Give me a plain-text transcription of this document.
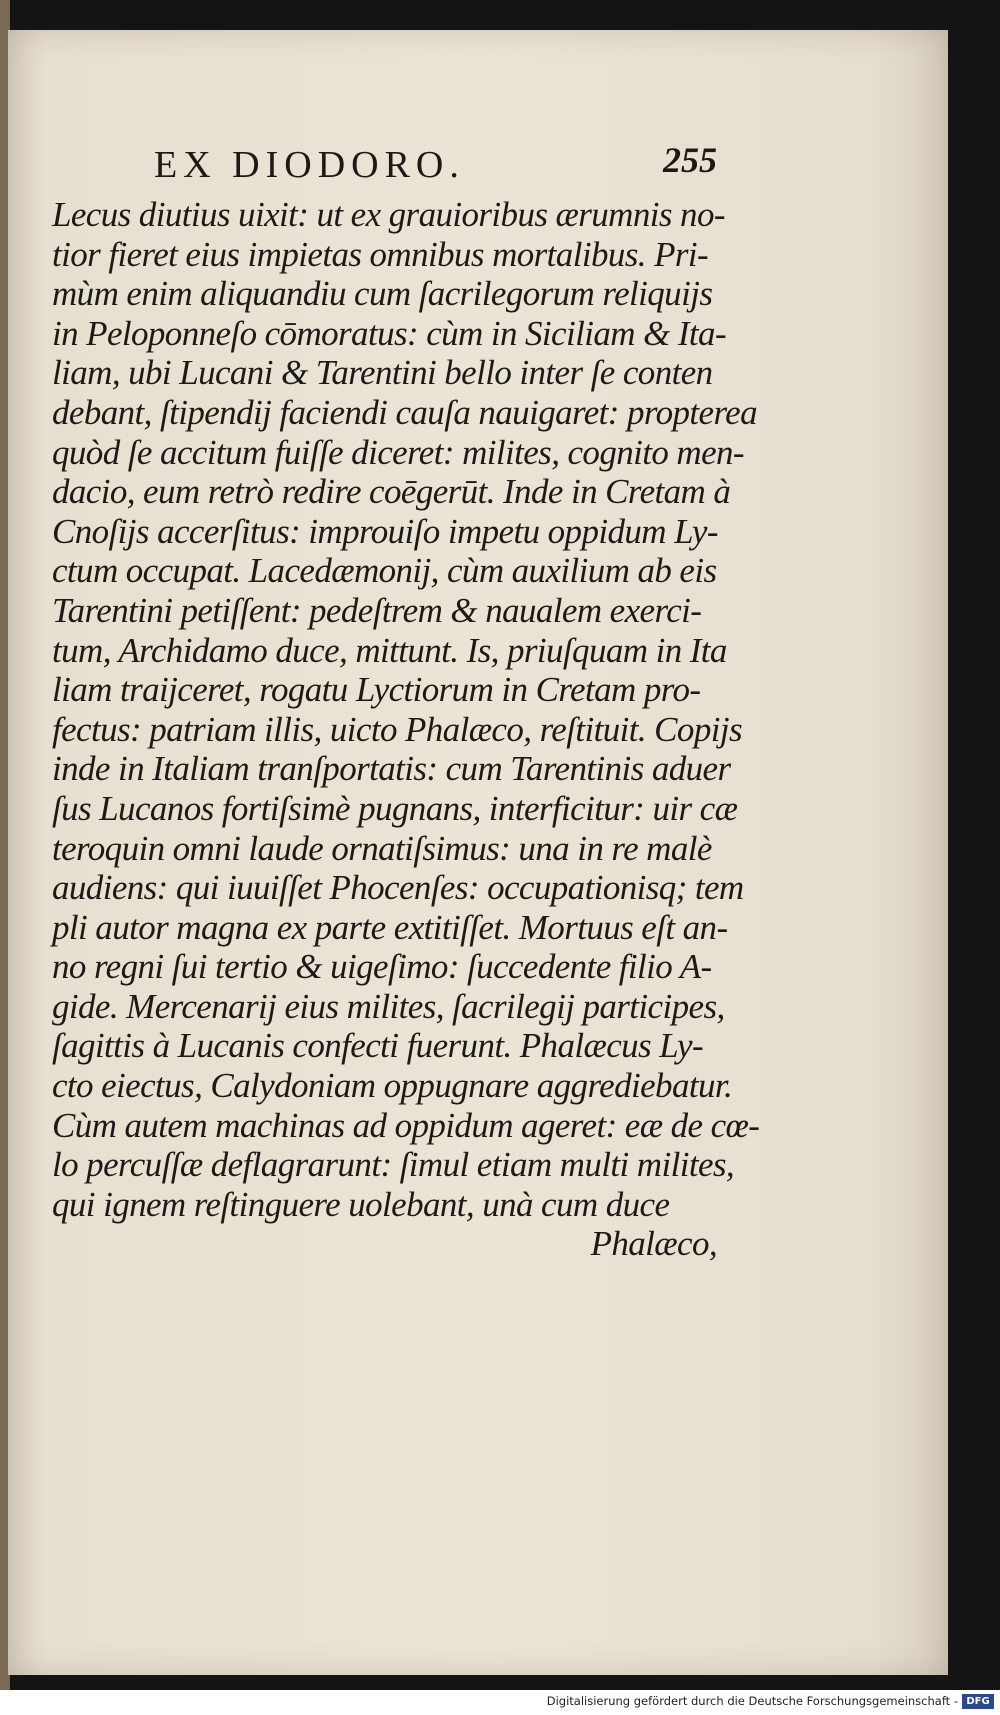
EX DIODORO.	255
Lecus diutius uixit: ut ex grauioribus ærumnis no-
tior fieret eius impietas omnibus mortalibus. Pri-
mùm enim aliquandiu cum ſacrilegorum reliquijs
in Peloponneſo cōmoratus: cùm in Siciliam & Ita-
liam, ubi Lucani & Tarentini bello inter ſe conten
debant, ſtipendij faciendi cauſa nauigaret: propterea
quòd ſe accitum fuiſſe diceret: milites, cognito men-
dacio, eum retrò redire coēgerūt. Inde in Cretam à
Cnoſijs accerſitus: improuiſo impetu oppidum Ly-
ctum occupat. Lacedæmonij, cùm auxilium ab eis
Tarentini petiſſent: pedeſtrem & naualem exerci-
tum, Archidamo duce, mittunt. Is, priuſquam in Ita
liam traijceret, rogatu Lyctiorum in Cretam pro-
fectus: patriam illis, uicto Phalæco, reſtituit. Copijs
inde in Italiam tranſportatis: cum Tarentinis aduer
ſus Lucanos fortiſsimè pugnans, interficitur: uir cæ
teroquin omni laude ornatiſsimus: una in re malè
audiens: qui iuuiſſet Phocenſes: occupationisq; tem
pli autor magna ex parte extitiſſet. Mortuus eſt an-
no regni ſui tertio & uigeſimo: ſuccedente filio A-
gide. Mercenarij eius milites, ſacrilegij participes,
ſagittis à Lucanis confecti fuerunt. Phalæcus Ly-
cto eiectus, Calydoniam oppugnare aggrediebatur.
Cùm autem machinas ad oppidum ageret: eæ de cœ-
lo percuſſæ deflagrarunt: ſimul etiam multi milites,
qui ignem reſtinguere uolebant, unà cum duce
Phalæco,
Digitalisierung gefördert durch die Deutsche Forschungsgemeinschaft - DFG
